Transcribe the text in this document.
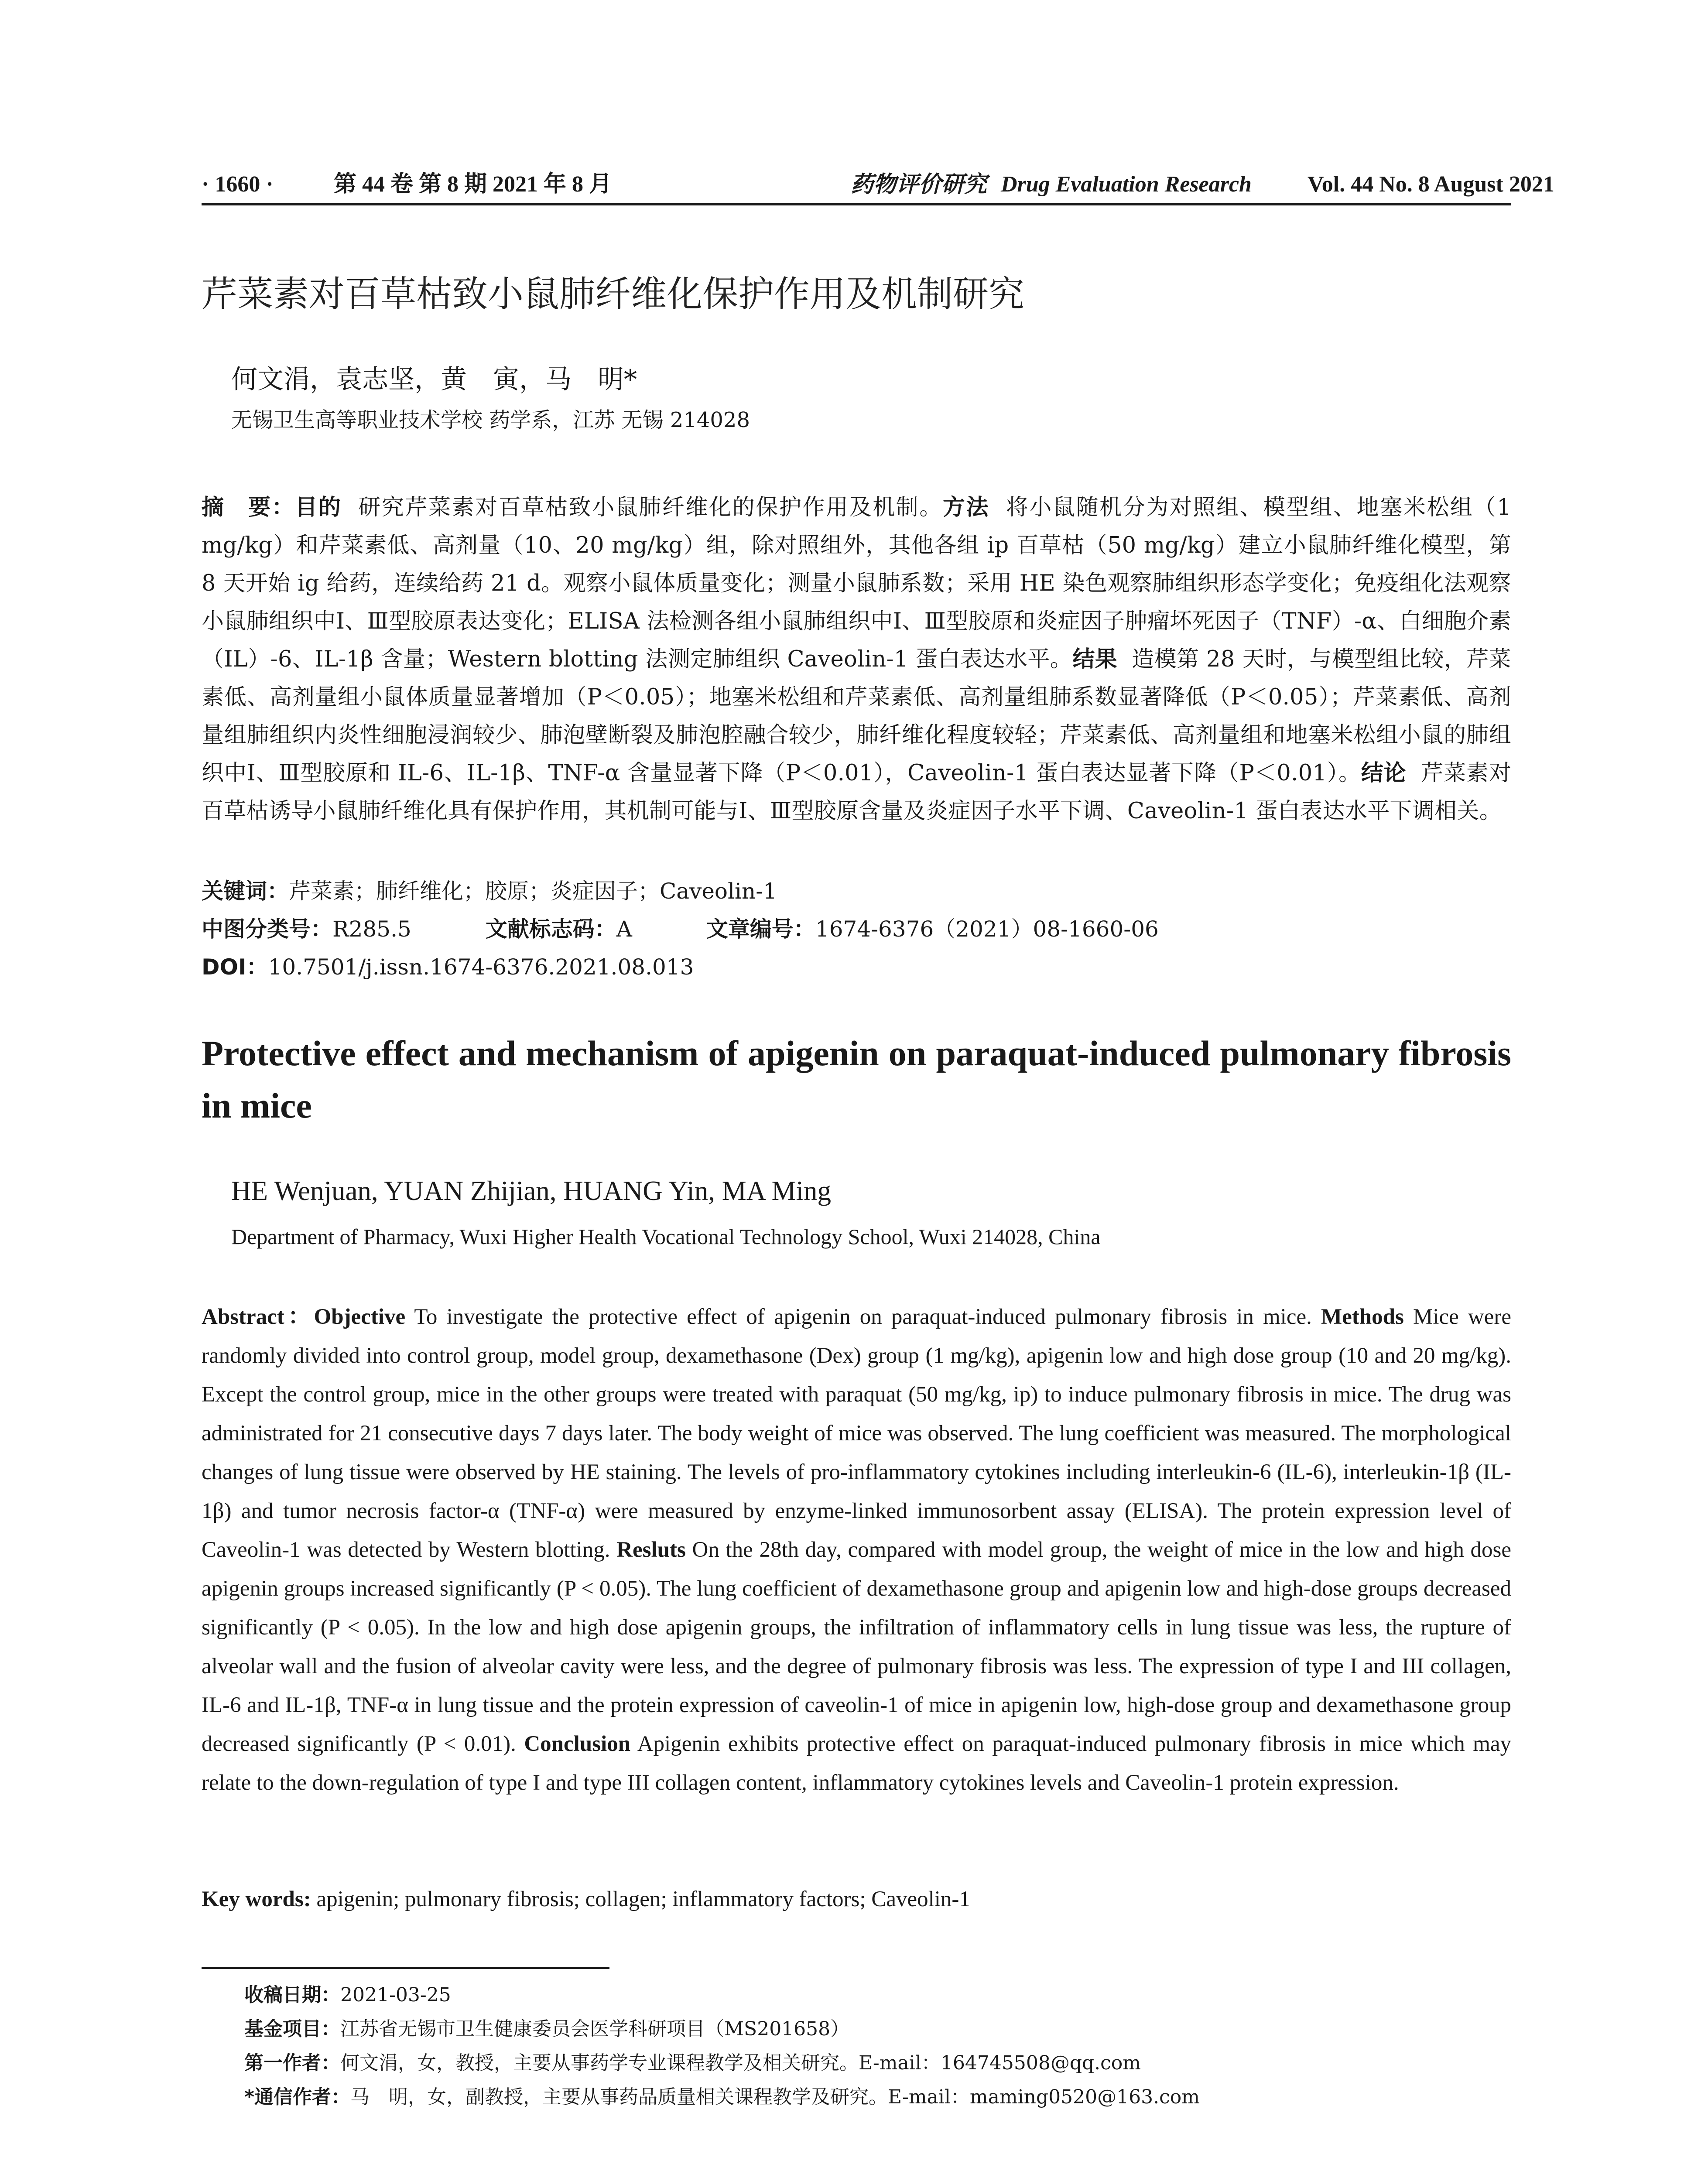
· 1660 ·	第 44 卷 第 8 期 2021 年 8 月	药物评价研究 Drug Evaluation Research Vol. 44 No. 8 August 2021
芹菜素对百草枯致小鼠肺纤维化保护作用及机制研究
何文涓，袁志坚，黄　寅，马　明*
无锡卫生高等职业技术学校 药学系，江苏 无锡 214028

摘　要：目的 研究芹菜素对百草枯致小鼠肺纤维化的保护作用及机制。方法 将小鼠随机分为对照组、模型组、地塞米松组（1 mg/kg）和芹菜素低、高剂量（10、20 mg/kg）组，除对照组外，其他各组 ip 百草枯（50 mg/kg）建立小鼠肺纤维化模型，第 8 天开始 ig 给药，连续给药 21 d。观察小鼠体质量变化；测量小鼠肺系数；采用 HE 染色观察肺组织形态学变化；免疫组化法观察小鼠肺组织中Ⅰ、Ⅲ型胶原表达变化；ELISA 法检测各组小鼠肺组织中Ⅰ、Ⅲ型胶原和炎症因子肿瘤坏死因子（TNF）-α、白细胞介素（IL）-6、IL-1β 含量；Western blotting 法测定肺组织 Caveolin-1 蛋白表达水平。结果 造模第 28 天时，与模型组比较，芹菜素低、高剂量组小鼠体质量显著增加（P＜0.05）；地塞米松组和芹菜素低、高剂量组肺系数显著降低（P＜0.05）；芹菜素低、高剂量组肺组织内炎性细胞浸润较少、肺泡壁断裂及肺泡腔融合较少，肺纤维化程度较轻；芹菜素低、高剂量组和地塞米松组小鼠的肺组织中Ⅰ、Ⅲ型胶原和 IL-6、IL-1β、TNF-α 含量显著下降（P＜0.01），Caveolin-1 蛋白表达显著下降（P＜0.01）。结论 芹菜素对百草枯诱导小鼠肺纤维化具有保护作用，其机制可能与Ⅰ、Ⅲ型胶原含量及炎症因子水平下调、Caveolin-1 蛋白表达水平下调相关。

关键词：芹菜素；肺纤维化；胶原；炎症因子；Caveolin-1
中图分类号：R285.5	文献标志码：A	文章编号：1674-6376（2021）08-1660-06
DOI：10.7501/j.issn.1674-6376.2021.08.013
Protective effect and mechanism of apigenin on paraquat-induced pulmonary fibrosis in mice
HE Wenjuan, YUAN Zhijian, HUANG Yin, MA Ming
Department of Pharmacy, Wuxi Higher Health Vocational Technology School, Wuxi 214028, China

Abstract：Objective To investigate the protective effect of apigenin on paraquat-induced pulmonary fibrosis in mice. Methods Mice were randomly divided into control group, model group, dexamethasone (Dex) group (1 mg/kg), apigenin low and high dose group (10 and 20 mg/kg). Except the control group, mice in the other groups were treated with paraquat (50 mg/kg, ip) to induce pulmonary fibrosis in mice. The drug was administrated for 21 consecutive days 7 days later. The body weight of mice was observed. The lung coefficient was measured. The morphological changes of lung tissue were observed by HE staining. The levels of pro-inflammatory cytokines including interleukin-6 (IL-6), interleukin-1β (IL-1β) and tumor necrosis factor-α (TNF-α) were measured by enzyme-linked immunosorbent assay (ELISA). The protein expression level of Caveolin-1 was detected by Western blotting. Resluts On the 28th day, compared with model group, the weight of mice in the low and high dose apigenin groups increased significantly (P < 0.05). The lung coefficient of dexamethasone group and apigenin low and high-dose groups decreased significantly (P < 0.05). In the low and high dose apigenin groups, the infiltration of inflammatory cells in lung tissue was less, the rupture of alveolar wall and the fusion of alveolar cavity were less, and the degree of pulmonary fibrosis was less. The expression of type I and III collagen, IL-6 and IL-1β, TNF-α in lung tissue and the protein expression of caveolin-1 of mice in apigenin low, high-dose group and dexamethasone group decreased significantly (P < 0.01). Conclusion Apigenin exhibits protective effect on paraquat-induced pulmonary fibrosis in mice which may relate to the down-regulation of type I and type III collagen content, inflammatory cytokines levels and Caveolin-1 protein expression.

Key words: apigenin; pulmonary fibrosis; collagen; inflammatory factors; Caveolin-1
收稿日期：2021-03-25
基金项目：江苏省无锡市卫生健康委员会医学科研项目（MS201658）
第一作者：何文涓，女，教授，主要从事药学专业课程教学及相关研究。E-mail：164745508@qq.com
*通信作者：马　明，女，副教授，主要从事药品质量相关课程教学及研究。E-mail：maming0520@163.com
